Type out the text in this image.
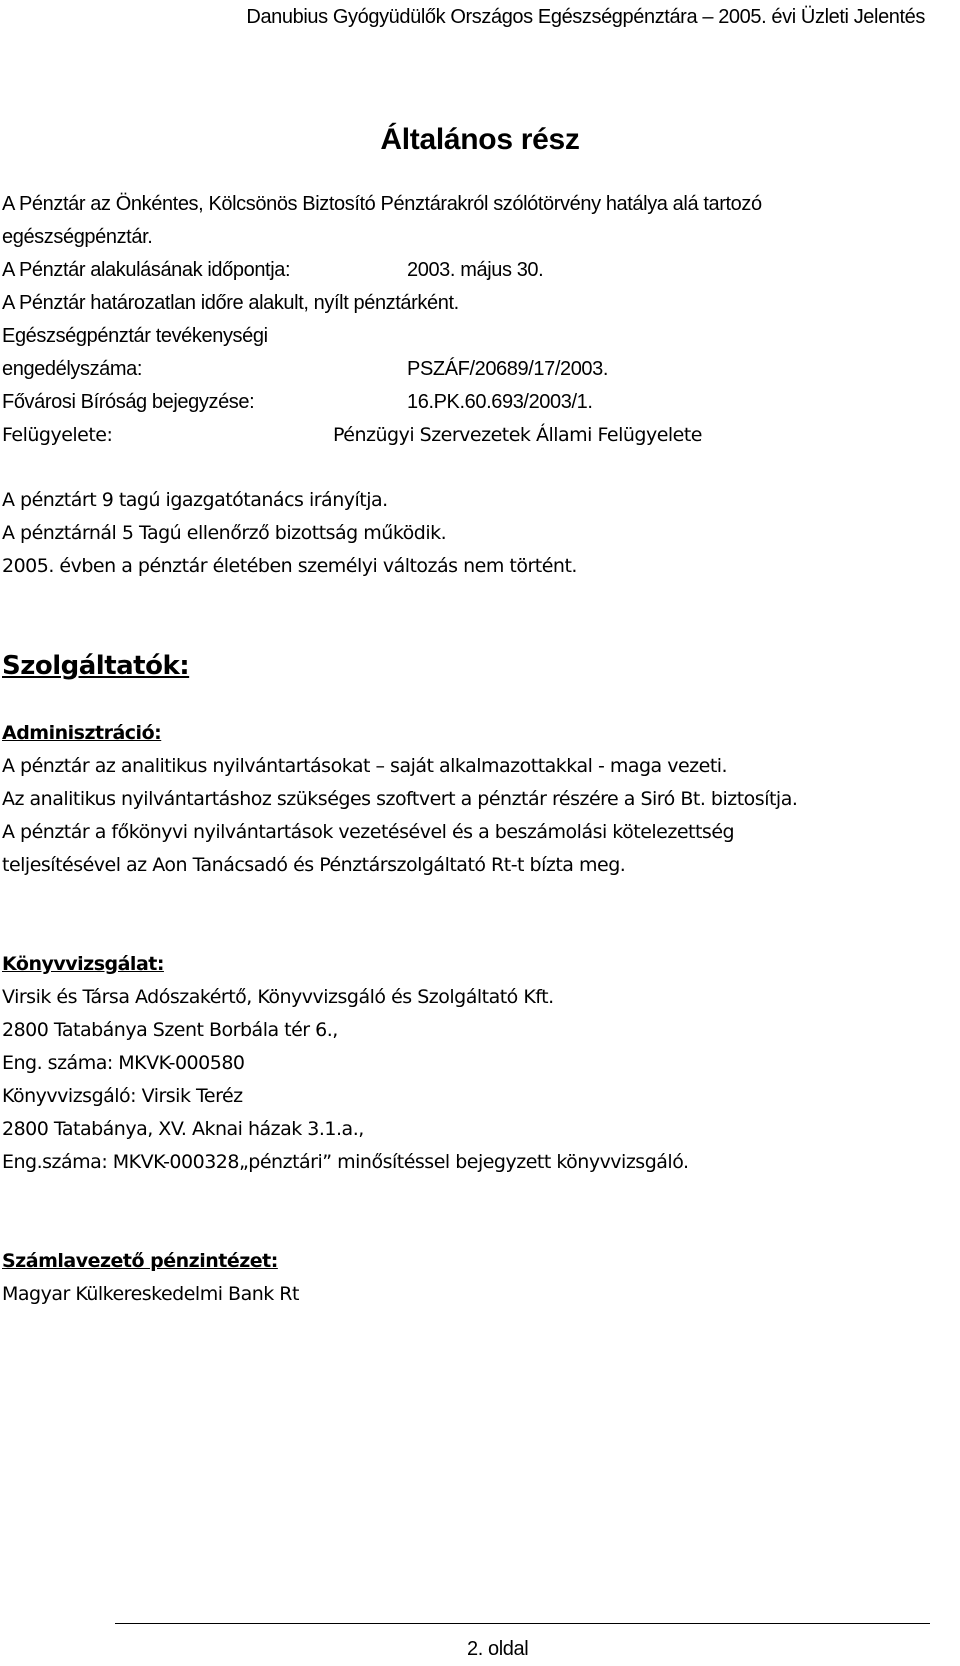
Danubius Gyógyüdülők Országos Egészségpénztára – 2005. évi Üzleti Jelentés
Általános rész
A Pénztár az Önkéntes, Kölcsönös Biztosító Pénztárakról szólótörvény hatálya alá tartozó
egészségpénztár.
A Pénztár alakulásának időpontja:	2003. május 30.
A Pénztár határozatlan időre alakult, nyílt pénztárként.
Egészségpénztár tevékenységi
engedélyszáma:	PSZÁF/20689/17/2003.
Fővárosi Bíróság bejegyzése:	16.PK.60.693/2003/1.
Felügyelete:	Pénzügyi Szervezetek Állami Felügyelete
A pénztárt 9 tagú igazgatótanács irányítja.
A pénztárnál 5 Tagú ellenőrző bizottság működik.
2005. évben a pénztár életében személyi változás nem történt.
Szolgáltatók:
Adminisztráció:
A pénztár az analitikus nyilvántartásokat – saját alkalmazottakkal - maga vezeti.
Az analitikus nyilvántartáshoz szükséges szoftvert a pénztár részére a Siró Bt. biztosítja.
A pénztár a főkönyvi nyilvántartások vezetésével és a beszámolási kötelezettség
teljesítésével az Aon Tanácsadó és Pénztárszolgáltató Rt-t bízta meg.
Könyvvizsgálat:
Virsik és Társa Adószakértő, Könyvvizsgáló és Szolgáltató Kft.
2800 Tatabánya Szent Borbála tér 6.,
Eng. száma: MKVK-000580
Könyvvizsgáló: Virsik Teréz
2800 Tatabánya, XV. Aknai házak 3.1.a.,
Eng.száma: MKVK-000328„pénztári” minősítéssel bejegyzett könyvvizsgáló.
Számlavezető pénzintézet:
Magyar Külkereskedelmi Bank Rt
2. oldal
